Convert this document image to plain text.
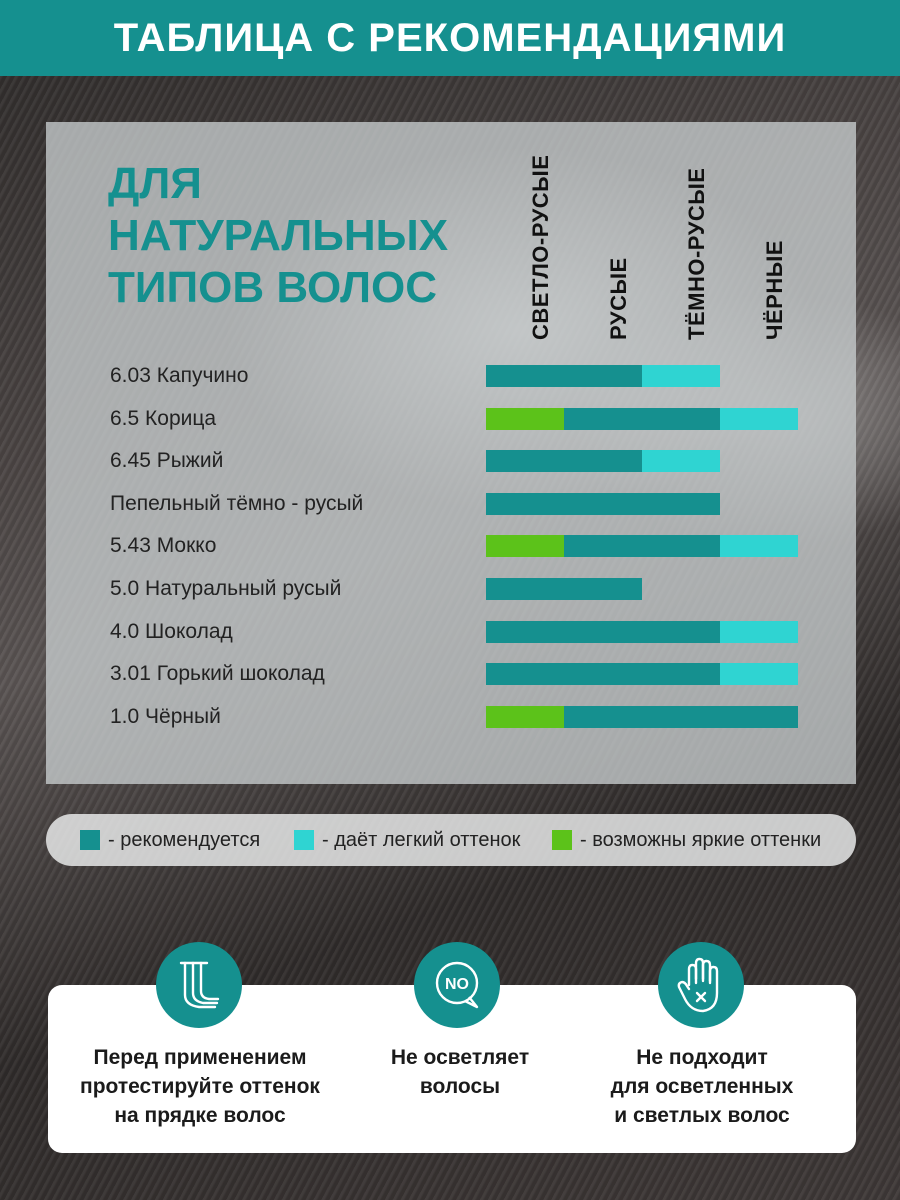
ТАБЛИЦА С РЕКОМЕНДАЦИЯМИ
ДЛЯ
НАТУРАЛЬНЫХ
ТИПОВ ВОЛОС	СВЕТЛО-РУСЫЕ РУСЫЕ ТЁМНО-РУСЫЕ ЧЁРНЫЕ
6.03 Капучино
6.5 Корица
6.45 Рыжий
Пепельный тёмно - русый
5.43 Мокко
5.0 Натуральный русый
4.0 Шоколад
3.01 Горький шоколад
1.0 Чёрный
- рекомендуется	- даёт легкий оттенок	- возможны яркие оттенки
NO
Перед применением
протестируйте оттенок
на прядке волос
Не осветляет
волосы
Не подходит
для осветленных
и светлых волос
